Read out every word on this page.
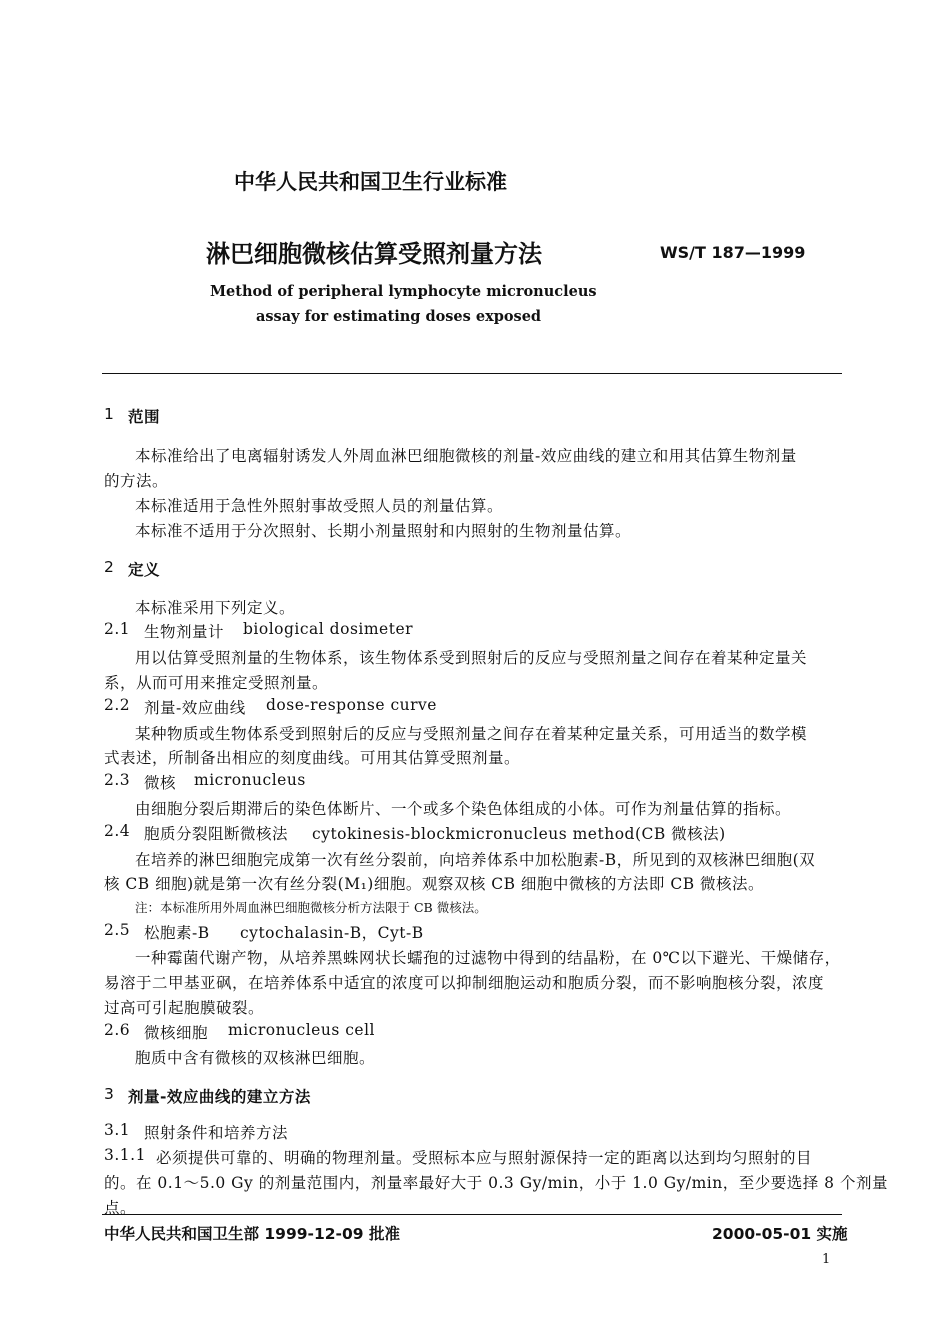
中华人民共和国卫生行业标准
淋巴细胞微核估算受照剂量方法	WS/T 187—1999
Method of peripheral lymphocyte micronucleus
assay for estimating doses exposed
1 范围
本标准给出了电离辐射诱发人外周血淋巴细胞微核的剂量-效应曲线的建立和用其估算生物剂量
的方法。
本标准适用于急性外照射事故受照人员的剂量估算。
本标准不适用于分次照射、长期小剂量照射和内照射的生物剂量估算。
2 定义
本标准采用下列定义。
2.1 生物剂量计 biological dosimeter
用以估算受照剂量的生物体系，该生物体系受到照射后的反应与受照剂量之间存在着某种定量关
系，从而可用来推定受照剂量。
2.2 剂量-效应曲线 dose-response curve
某种物质或生物体系受到照射后的反应与受照剂量之间存在着某种定量关系，可用适当的数学模
式表述，所制备出相应的刻度曲线。可用其估算受照剂量。
2.3 微核 micronucleus
由细胞分裂后期滞后的染色体断片、一个或多个染色体组成的小体。可作为剂量估算的指标。
2.4 胞质分裂阻断微核法 cytokinesis-blockmicronucleus method(CB 微核法)
在培养的淋巴细胞完成第一次有丝分裂前，向培养体系中加松胞素-B，所见到的双核淋巴细胞(双
核 CB 细胞)就是第一次有丝分裂(M₁)细胞。观察双核 CB 细胞中微核的方法即 CB 微核法。
注：本标准所用外周血淋巴细胞微核分析方法限于 CB 微核法。
2.5 松胞素-B cytochalasin-B，Cyt-B
一种霉菌代谢产物，从培养黑蛛网状长蠕孢的过滤物中得到的结晶粉，在 0℃以下避光、干燥储存，
易溶于二甲基亚砜，在培养体系中适宜的浓度可以抑制细胞运动和胞质分裂，而不影响胞核分裂，浓度
过高可引起胞膜破裂。
2.6 微核细胞 micronucleus cell
胞质中含有微核的双核淋巴细胞。
3 剂量-效应曲线的建立方法
3.1 照射条件和培养方法
3.1.1 必须提供可靠的、明确的物理剂量。受照标本应与照射源保持一定的距离以达到均匀照射的目
的。在 0.1～5.0 Gy 的剂量范围内，剂量率最好大于 0.3 Gy/min，小于 1.0 Gy/min，至少要选择 8 个剂量
点。
中华人民共和国卫生部 1999-12-09 批准	2000-05-01 实施
1
